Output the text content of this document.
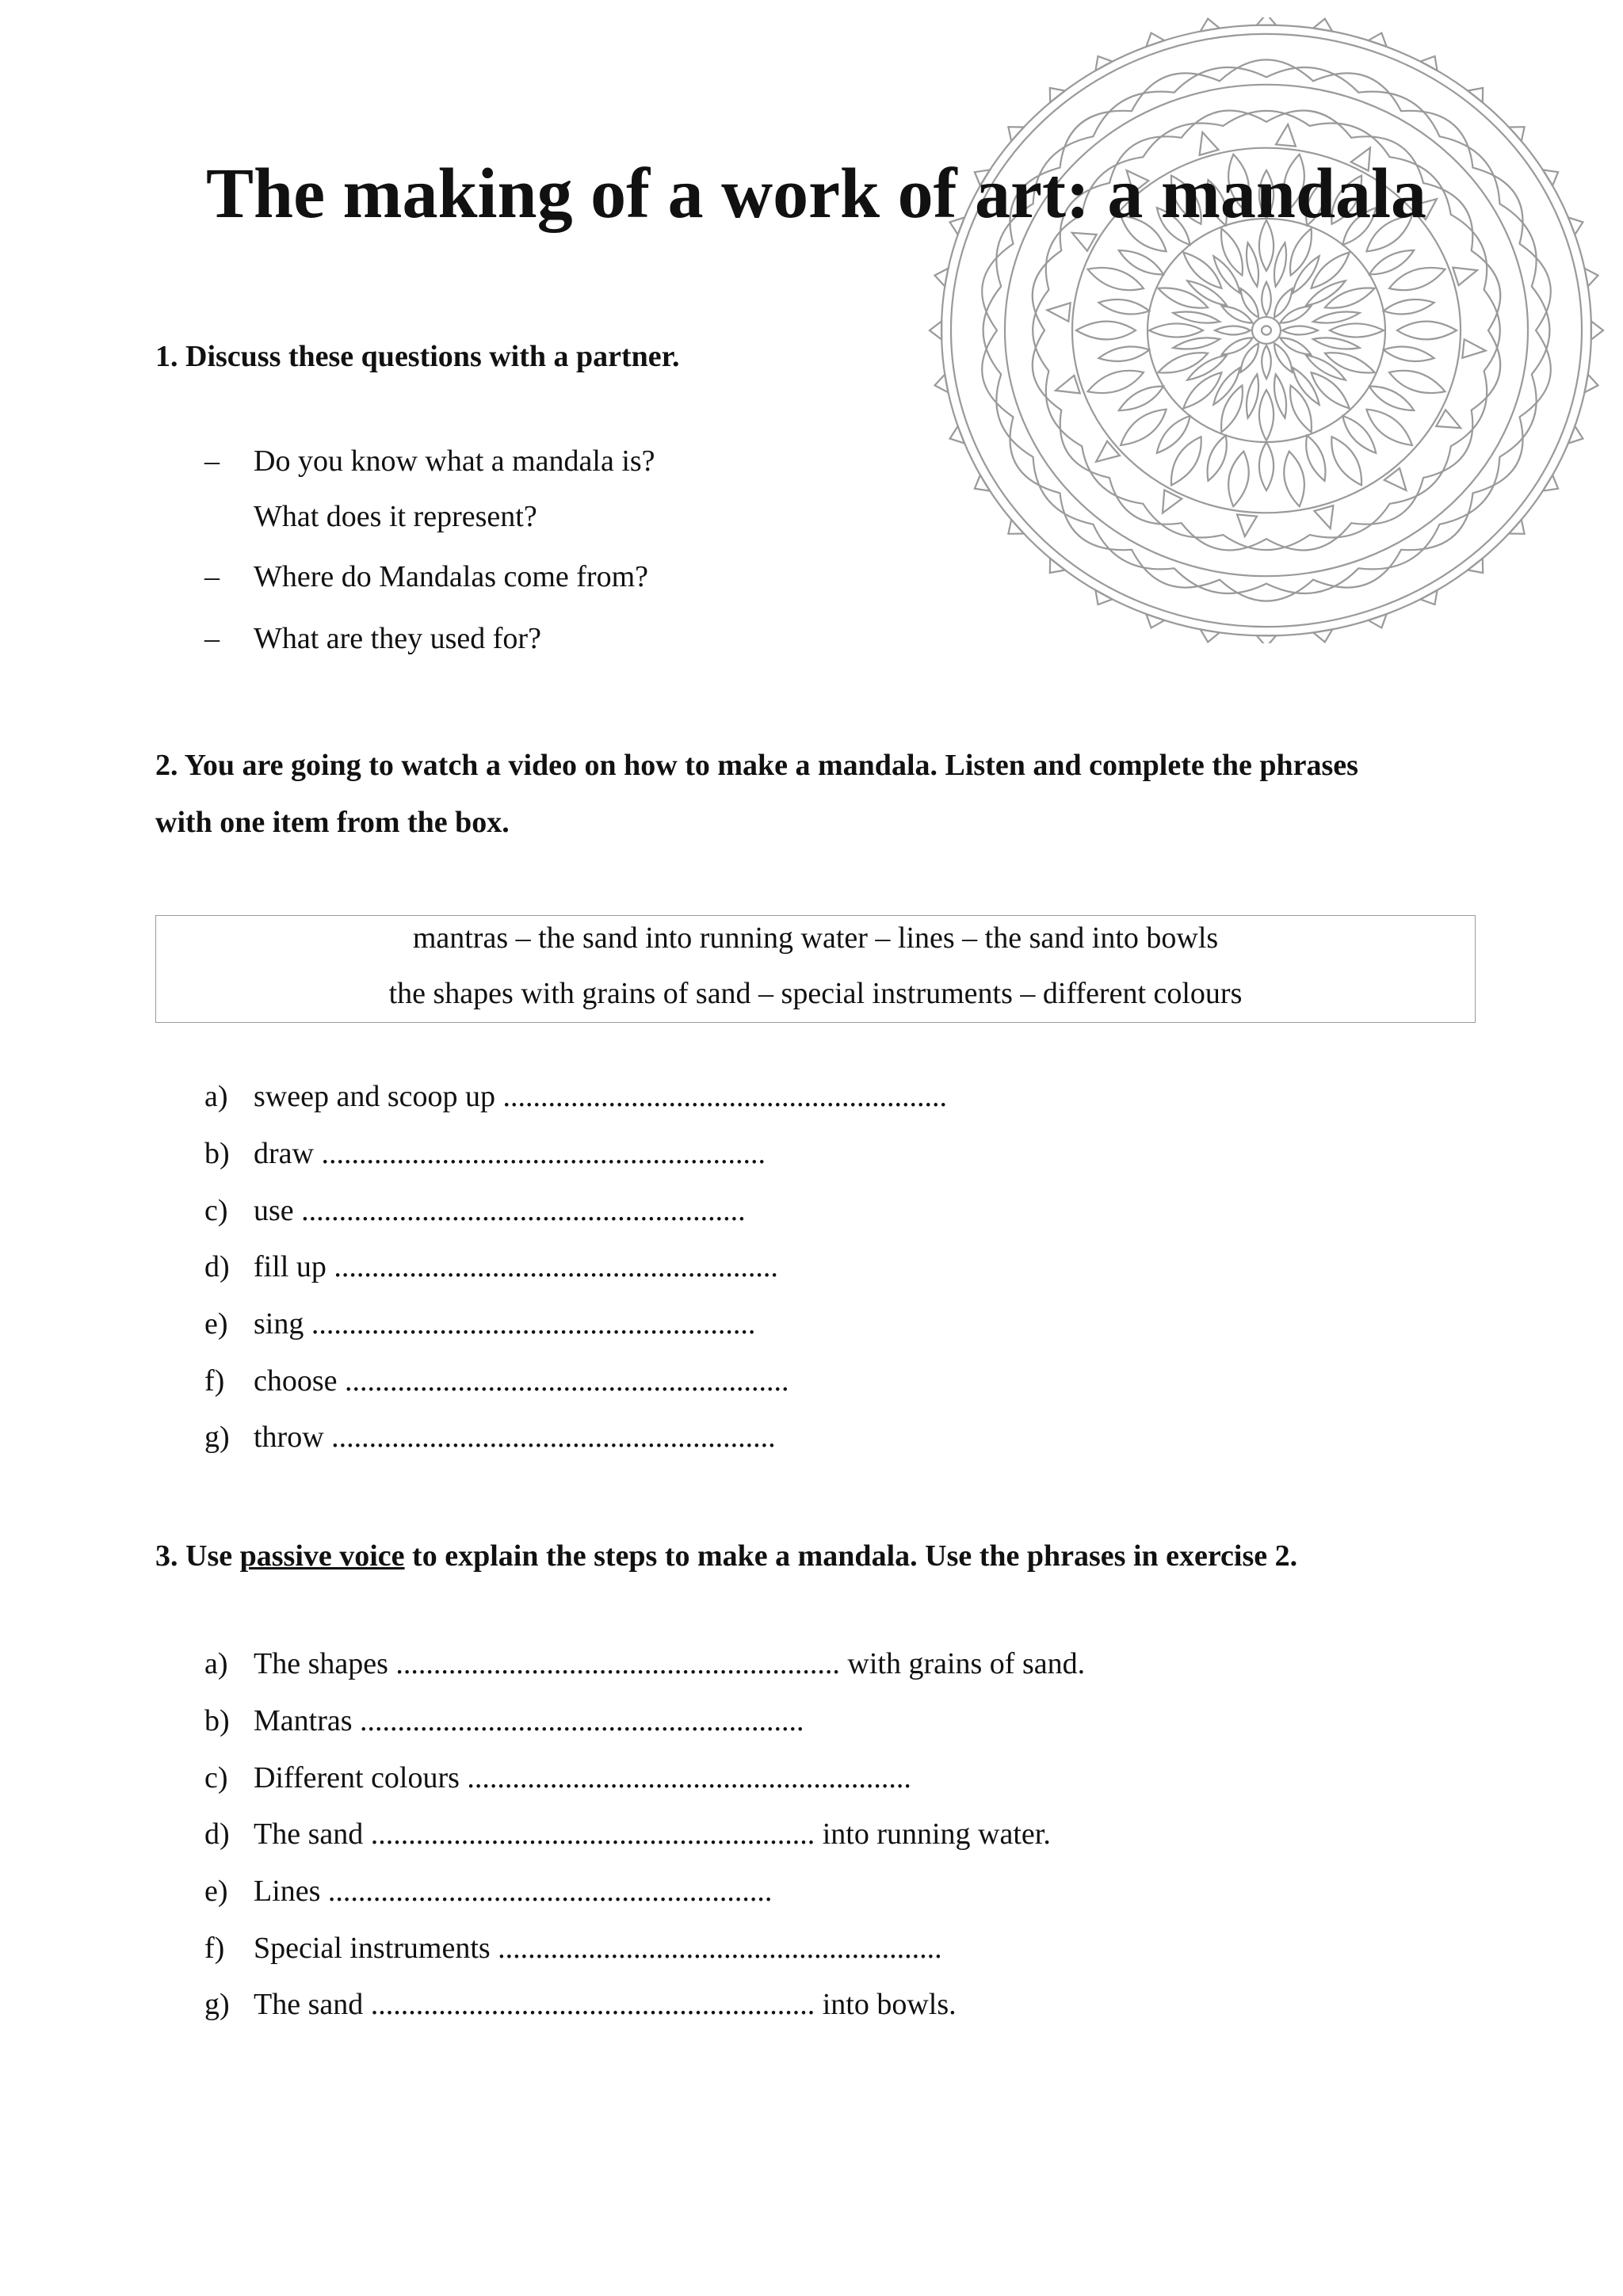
The making of a work of art: a mandala
1. Discuss these questions with a partner.
– Do you know what a mandala is?
What does it represent?
– Where do Mandalas come from?
– What are they used for?
2. You are going to watch a video on how to make a mandala. Listen and complete the phrases
with one item from the box.
mantras – the sand into running water – lines – the sand into bowls
the shapes with grains of sand – special instruments – different colours
a) sweep and scoop up ...........................................................
b) draw ...........................................................
c) use ...........................................................
d) fill up ...........................................................
e) sing ...........................................................
f) choose ...........................................................
g) throw ...........................................................
3. Use passive voice to explain the steps to make a mandala. Use the phrases in exercise 2.
a) The shapes ........................................................... with grains of sand.
b) Mantras ...........................................................
c) Different colours ...........................................................
d) The sand ........................................................... into running water.
e) Lines ...........................................................
f) Special instruments ...........................................................
g) The sand ........................................................... into bowls.
